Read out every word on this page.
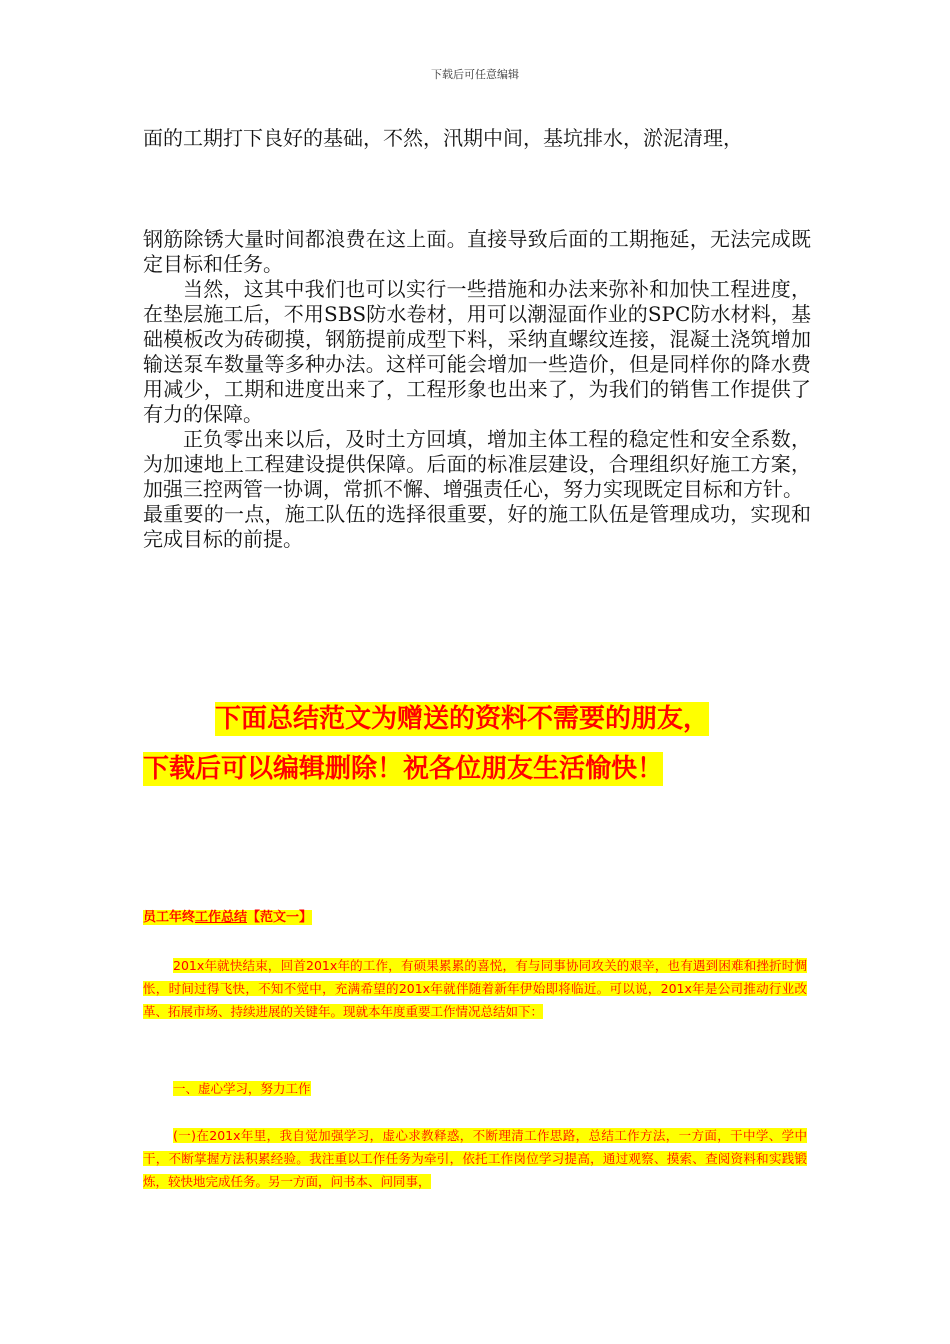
下载后可任意编辑

面的工期打下良好的基础，不然，汛期中间，基坑排水，淤泥清理，

钢筋除锈大量时间都浪费在这上面。直接导致后面的工期拖延，无法完成既定目标和任务。

当然，这其中我们也可以实行一些措施和办法来弥补和加快工程进度，在垫层施工后，不用SBS防水卷材，用可以潮湿面作业的SPC防水材料，基础模板改为砖砌摸，钢筋提前成型下料，采纳直螺纹连接，混凝土浇筑增加输送泵车数量等多种办法。这样可能会增加一些造价，但是同样你的降水费用减少，工期和进度出来了，工程形象也出来了，为我们的销售工作提供了有力的保障。

正负零出来以后，及时土方回填，增加主体工程的稳定性和安全系数，为加速地上工程建设提供保障。后面的标准层建设，合理组织好施工方案，加强三控两管一协调，常抓不懈、增强责任心，努力实现既定目标和方针。

最重要的一点，施工队伍的选择很重要，好的施工队伍是管理成功，实现和完成目标的前提。

下面总结范文为赠送的资料不需要的朋友，
下载后可以编辑删除！祝各位朋友生活愉快！

员工年终工作总结【范文一】

201x年就快结束，回首201x年的工作，有硕果累累的喜悦，有与同事协同攻关的艰辛，也有遇到困难和挫折时惆怅，时间过得飞快，不知不觉中，充满希望的201x年就伴随着新年伊始即将临近。可以说，201x年是公司推动行业改革、拓展市场、持续进展的关键年。现就本年度重要工作情况总结如下：

一、虚心学习，努力工作

(一)在201x年里，我自觉加强学习，虚心求教释惑，不断理清工作思路，总结工作方法，一方面，干中学、学中干，不断掌握方法积累经验。我注重以工作任务为牵引，依托工作岗位学习提高，通过观察、摸索、查阅资料和实践锻炼，较快地完成任务。另一方面，问书本、问同事，
